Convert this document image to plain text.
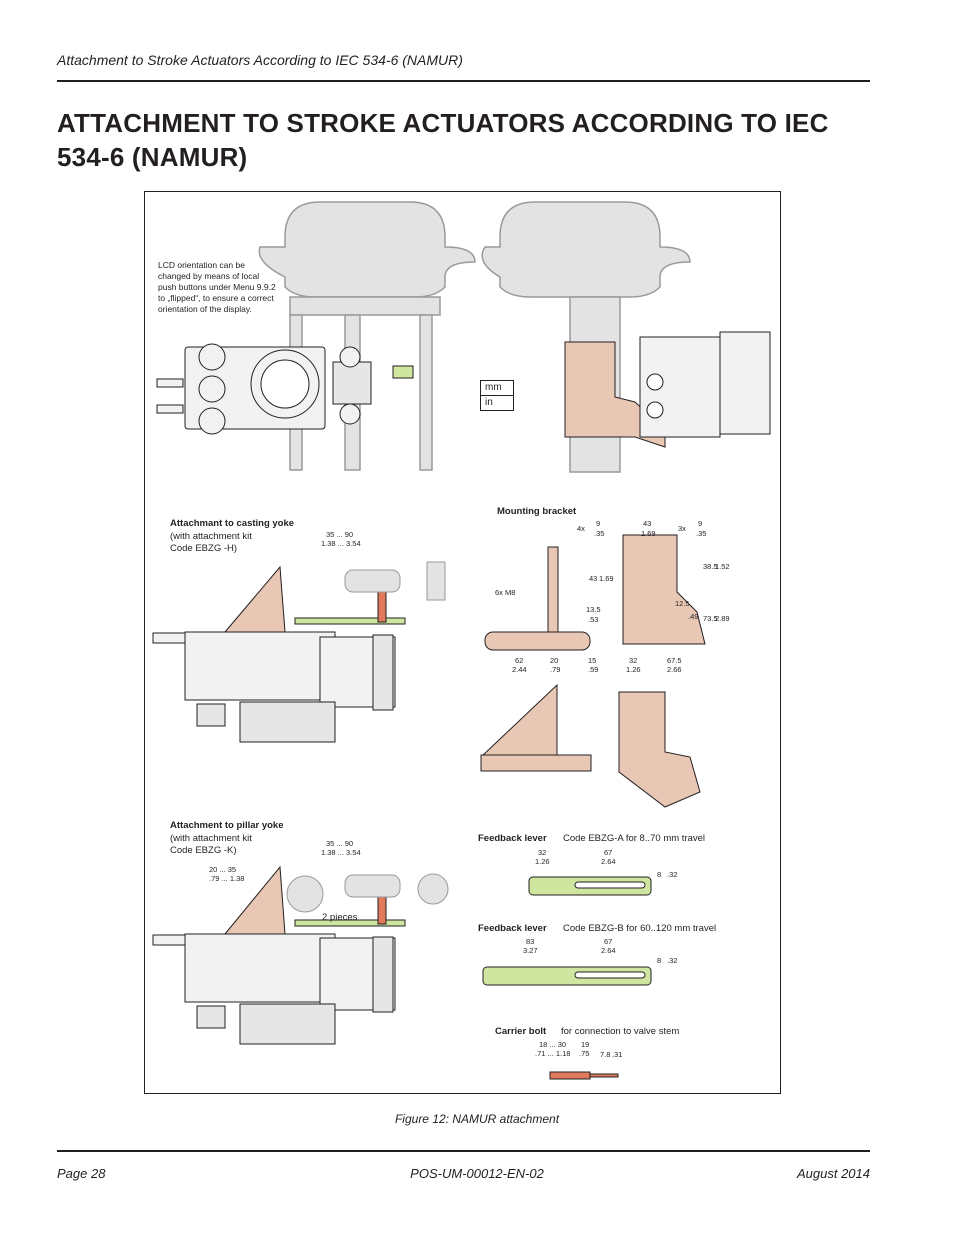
Attachment to Stroke Actuators According to IEC 534-6 (NAMUR)
ATTACHMENT TO STROKE ACTUATORS ACCORDING TO IEC 534-6 (NAMUR)
LCD orientation can be changed by means of local push buttons under Menu 9.9.2 to „flipped“, to ensure a correct orientation of the display.
mm
in
Attachmant to casting yoke
(with attachment kit
Code EBZG -H)
35 ... 90
1.38 ... 3.54
Mounting bracket
6x M8
4x
9
.35
3x
9
.35
43
1.69
43 1.69
13.5
.53
62
2.44
20
.79
15
.59
32
1.26
67.5
2.66
38.5
1.52
12.5
.49 73.5
2.89
Attachment to pillar yoke
(with attachment kit
Code EBZG -K)
35 ... 90
1.38 ... 3.54
20 ... 35
.79 ... 1.38
2 pieces
Feedback lever Code EBZG-A for 8..70 mm travel
32
1.26
67
2.64
8 .32
Feedback lever Code EBZG-B for 60..120 mm travel
83
3.27
67
2.64
8 .32
Carrier bolt for connection to valve stem
18 ... 30
.71 ... 1.18
19
.75 7.8 .31
Figure 12: NAMUR attachment
Page 28	POS-UM-00012-EN-02	August 2014
